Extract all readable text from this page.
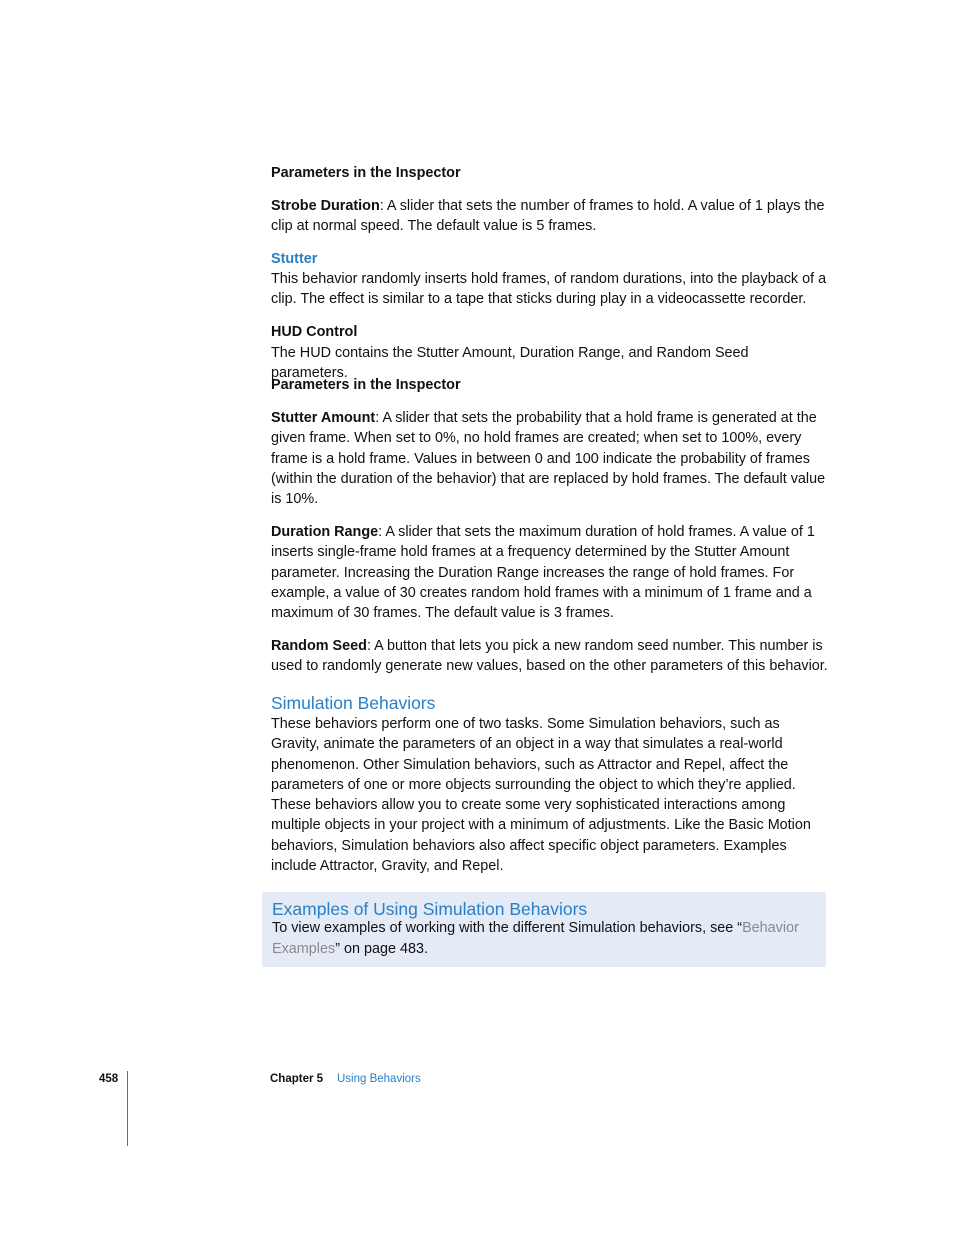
Parameters in the Inspector

Strobe Duration: A slider that sets the number of frames to hold. A value of 1 plays the clip at normal speed. The default value is 5 frames.

Stutter

This behavior randomly inserts hold frames, of random durations, into the playback of a clip. The effect is similar to a tape that sticks during play in a videocassette recorder.

HUD Control

The HUD contains the Stutter Amount, Duration Range, and Random Seed parameters.

Parameters in the Inspector

Stutter Amount: A slider that sets the probability that a hold frame is generated at the given frame. When set to 0%, no hold frames are created; when set to 100%, every frame is a hold frame. Values in between 0 and 100 indicate the probability of frames (within the duration of the behavior) that are replaced by hold frames. The default value is 10%.

Duration Range: A slider that sets the maximum duration of hold frames. A value of 1 inserts single-frame hold frames at a frequency determined by the Stutter Amount parameter. Increasing the Duration Range increases the range of hold frames. For example, a value of 30 creates random hold frames with a minimum of 1 frame and a maximum of 30 frames. The default value is 3 frames.

Random Seed: A button that lets you pick a new random seed number. This number is used to randomly generate new values, based on the other parameters of this behavior.

Simulation Behaviors

These behaviors perform one of two tasks. Some Simulation behaviors, such as Gravity, animate the parameters of an object in a way that simulates a real-world phenomenon. Other Simulation behaviors, such as Attractor and Repel, affect the parameters of one or more objects surrounding the object to which they’re applied. These behaviors allow you to create some very sophisticated interactions among multiple objects in your project with a minimum of adjustments. Like the Basic Motion behaviors, Simulation behaviors also affect specific object parameters. Examples include Attractor, Gravity, and Repel.

Examples of Using Simulation Behaviors
To view examples of working with the different Simulation behaviors, see “Behavior Examples” on page 483.
458	Chapter 5 Using Behaviors
